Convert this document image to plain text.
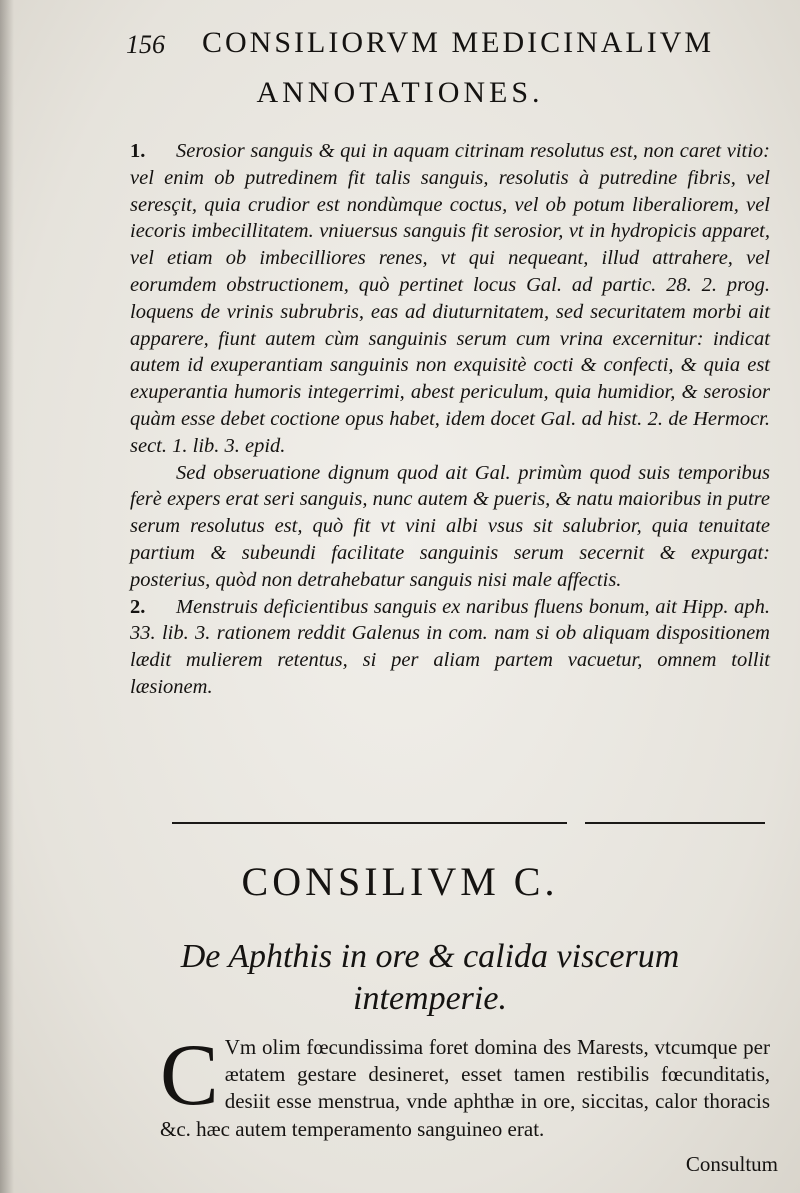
156 CONSILIORVM MEDICINALIVM
ANNOTATIONES.

1. Serosior sanguis & qui in aquam citrinam resolutus est, non caret vitio: vel enim ob putredinem fit talis sanguis, resolutis à putredine fibris, vel seresçit, quia crudior est nondùmque coctus, vel ob potum liberaliorem, vel iecoris imbecillitatem. vniuersus sanguis fit serosior, vt in hydropicis apparet, vel etiam ob imbecilliores renes, vt qui nequeant, illud attrahere, vel eorumdem obstructionem, quò pertinet locus Gal. ad partic. 28. 2. prog. loquens de vrinis subrubris, eas ad diuturnitatem, sed securitatem morbi ait apparere, fiunt autem cùm sanguinis serum cum vrina excernitur: indicat autem id exuperantiam sanguinis non exquisitè cocti & confecti, & quia est exuperantia humoris integerrimi, abest periculum, quia humidior, & serosior quàm esse debet coctione opus habet, idem docet Gal. ad hist. 2. de Hermocr. sect. 1. lib. 3. epid.

Sed obseruatione dignum quod ait Gal. primùm quod suis temporibus ferè expers erat seri sanguis, nunc autem & pueris, & natu maioribus in putre serum resolutus est, quò fit vt vini albi vsus sit salubrior, quia tenuitate partium & subeundi facilitate sanguinis serum secernit & expurgat: posterius, quòd non detrahebatur sanguis nisi male affectis.

2. Menstruis deficientibus sanguis ex naribus fluens bonum, ait Hipp. aph. 33. lib. 3. rationem reddit Galenus in com. nam si ob aliquam dispositionem lædit mulierem retentus, si per aliam partem vacuetur, omnem tollit læsionem.

CONSILIVM C.
De Aphthis in ore & calida viscerum intemperie.
C Vm olim fœcundissima foret domina des Marests, vtcumque per ætatem gestare desineret, esset tamen restibilis fœcunditatis, desiit esse menstrua, vnde aphthæ in ore, siccitas, calor thoracis &c. hæc autem temperamento sanguineo erat.
Consultum
